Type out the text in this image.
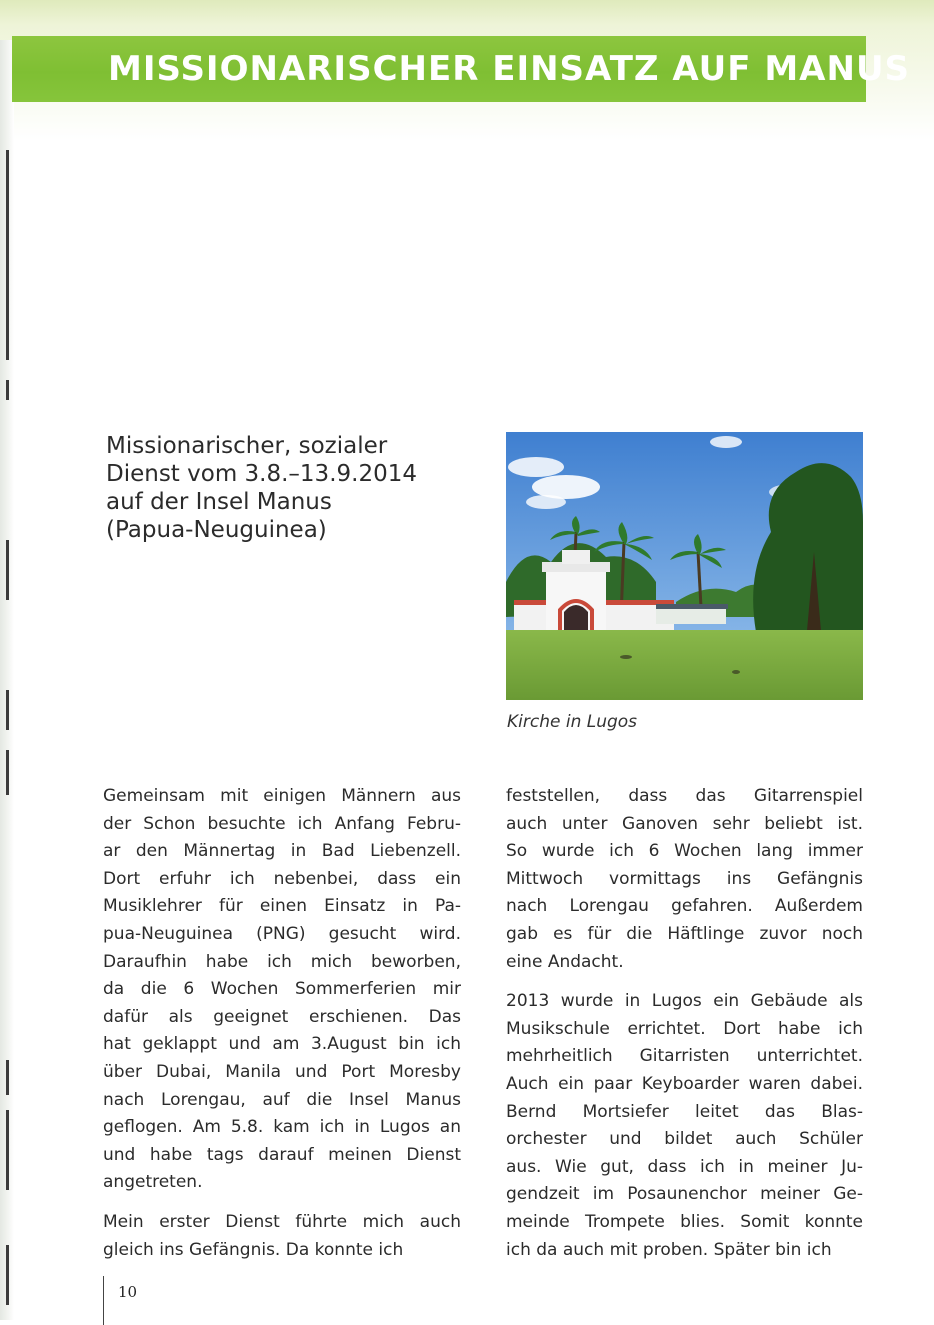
MISSIONARISCHER EINSATZ AUF MANUS
Missionarischer, sozialer
Dienst vom 3.8.–13.9.2014
auf der Insel Manus
(Papua-Neuguinea)

Kirche in Lugos

Gemeinsam mit einigen Männern aus
der Schon besuchte ich Anfang Febru-
ar den Männertag in Bad Liebenzell.
Dort erfuhr ich nebenbei, dass ein
Musiklehrer für einen Einsatz in Pa-
pua-Neuguinea (PNG) gesucht wird.
Daraufhin habe ich mich beworben,
da die 6 Wochen Sommerferien mir
dafür als geeignet erschienen. Das
hat geklappt und am 3.August bin ich
über Dubai, Manila und Port Moresby
nach Lorengau, auf die Insel Manus
geflogen. Am 5.8. kam ich in Lugos an
und habe tags darauf meinen Dienst
angetreten.

Mein erster Dienst führte mich auch
gleich ins Gefängnis. Da konnte ich

feststellen, dass das Gitarrenspiel
auch unter Ganoven sehr beliebt ist.
So wurde ich 6 Wochen lang immer
Mittwoch vormittags ins Gefängnis
nach Lorengau gefahren. Außerdem
gab es für die Häftlinge zuvor noch
eine Andacht.

2013 wurde in Lugos ein Gebäude als
Musikschule errichtet. Dort habe ich
mehrheitlich Gitarristen unterrichtet.
Auch ein paar Keyboarder waren dabei.
Bernd Mortsiefer leitet das Blas-
orchester und bildet auch Schüler
aus. Wie gut, dass ich in meiner Ju-
gendzeit im Posaunenchor meiner Ge-
meinde Trompete blies. Somit konnte
ich da auch mit proben. Später bin ich

10
